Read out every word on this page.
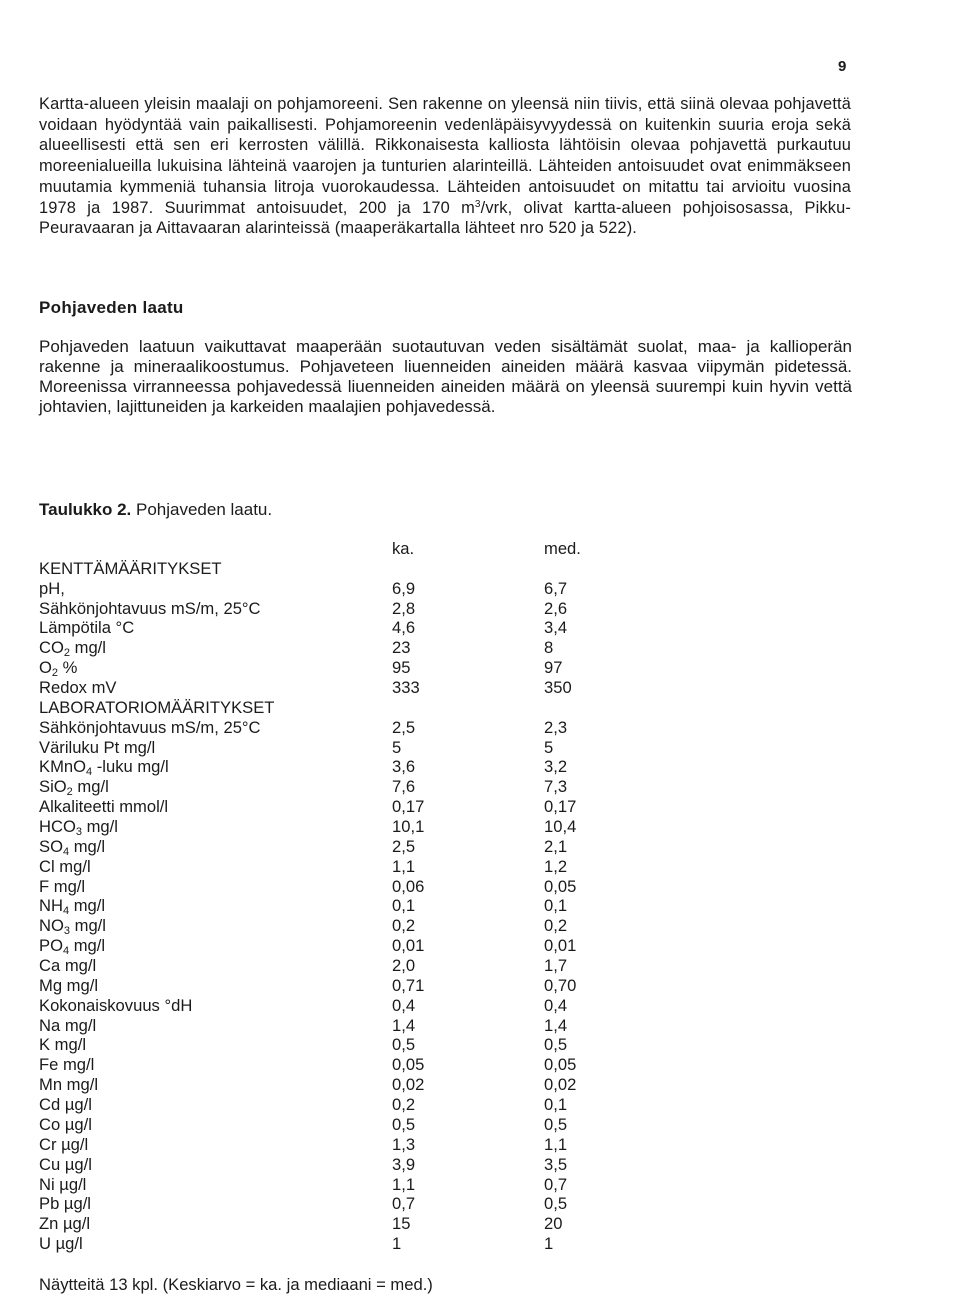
9

Kartta-alueen yleisin maalaji on pohjamoreeni. Sen rakenne on yleensä niin tiivis, että siinä olevaa pohjavettä voidaan hyödyntää vain paikallisesti. Pohjamoreenin vedenläpäisyvyydessä on kuitenkin suuria eroja sekä alueellisesti että sen eri kerrosten välillä. Rikkonaisesta kalliosta lähtöisin olevaa pohjavettä purkautuu moreenialueilla lukuisina lähteinä vaarojen ja tunturien alarinteillä. Lähteiden antoisuudet ovat enimmäkseen muutamia kymmeniä tuhansia litroja vuorokaudessa. Lähteiden antoisuudet on mitattu tai arvioitu vuosina 1978 ja 1987. Suurimmat antoisuudet, 200 ja 170 $m^3$/vrk, olivat kartta-alueen pohjoisosassa, Pikku-Peuravaaran ja Aittavaaran alarinteissä (maaperäkartalla lähteet nro 520 ja 522).

Pohjaveden laatu

Pohjaveden laatuun vaikuttavat maaperään suotautuvan veden sisältämät suolat, maa- ja kallioperän rakenne ja mineraalikoostumus. Pohjaveteen liuenneiden aineiden määrä kasvaa viipymän pidetessä. Moreenissa virranneessa pohjavedessä liuenneiden aineiden määrä on yleensä suurempi kuin hyvin vettä johtavien, lajittuneiden ja karkeiden maalajien pohjavedessä.

Taulukko 2. Pohjaveden laatu.

ka.	med.
KENTTÄMÄÄRITYKSET
pH,	6,9	6,7
Sähkönjohtavuus mS/m, 25°C	2,8	2,6
Lämpötila °C	4,6	3,4
$CO_2$ mg/l	23	8
$O_2$ %	95	97
Redox mV	333	350
LABORATORIOMÄÄRITYKSET
Sähkönjohtavuus mS/m, 25°C	2,5	2,3
Väriluku Pt mg/l	5	5
KMnO$_4$ -luku mg/l	3,6	3,2
SiO$_2$ mg/l	7,6	7,3
Alkaliteetti mmol/l	0,17	0,17
$HCO_3$ mg/l	10,1	10,4
$SO_4$ mg/l	2,5	2,1
Cl mg/l	1,1	1,2
F mg/l	0,06	0,05
$NH_4$ mg/l	0,1	0,1
$NO_3$ mg/l	0,2	0,2
$PO_4$ mg/l	0,01	0,01
Ca mg/l	2,0	1,7
Mg mg/l	0,71	0,70
Kokonaiskovuus °dH	0,4	0,4
Na mg/l	1,4	1,4
K mg/l	0,5	0,5
Fe mg/l	0,05	0,05
Mn mg/l	0,02	0,02
Cd µg/l	0,2	0,1
Co µg/l	0,5	0,5
Cr µg/l	1,3	1,1
Cu µg/l	3,9	3,5
Ni µg/l	1,1	0,7
Pb µg/l	0,7	0,5
Zn µg/l	15	20
U µg/l	1	1

Näytteitä 13 kpl. (Keskiarvo = ka. ja mediaani = med.)
